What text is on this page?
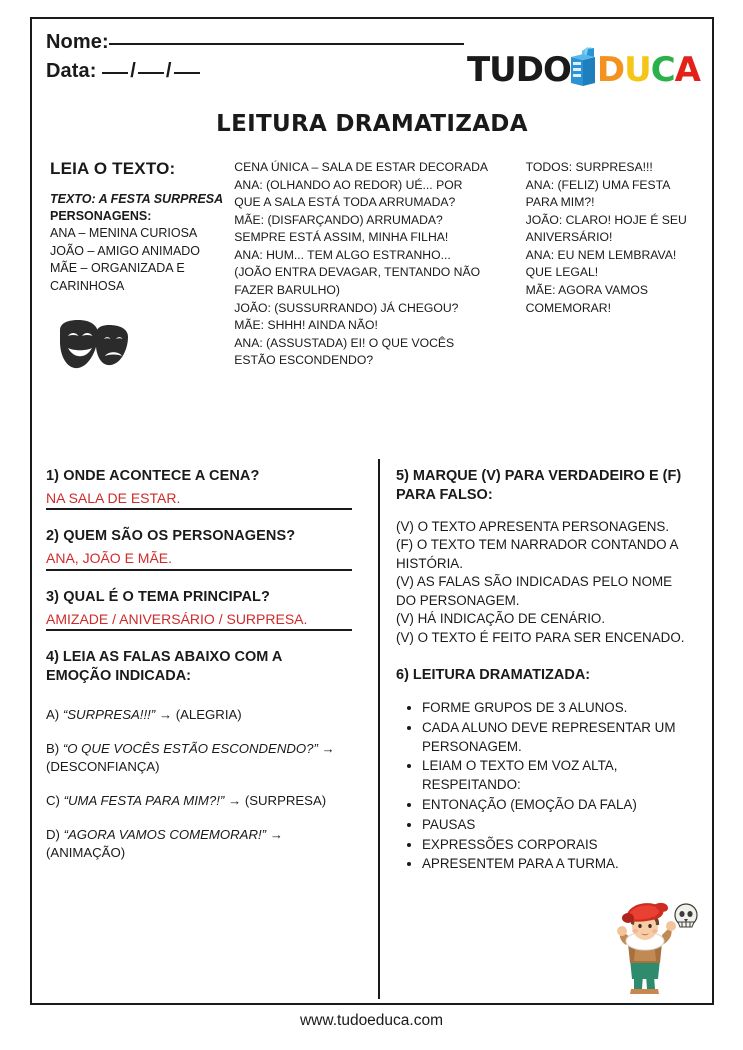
Nome:
Data: / /	TUDO D U C A
LEITURA DRAMATIZADA
LEIA O TEXTO:
TEXTO: A FESTA SURPRESA
PERSONAGENS:
ANA – MENINA CURIOSA
JOÃO – AMIGO ANIMADO
MÃE – ORGANIZADA E
CARINHOSA
CENA ÚNICA – SALA DE ESTAR DECORADA
ANA: (OLHANDO AO REDOR) UÉ... POR
QUE A SALA ESTÁ TODA ARRUMADA?
MÃE: (DISFARÇANDO) ARRUMADA?
SEMPRE ESTÁ ASSIM, MINHA FILHA!
ANA: HUM... TEM ALGO ESTRANHO...
(JOÃO ENTRA DEVAGAR, TENTANDO NÃO
FAZER BARULHO)
JOÃO: (SUSSURRANDO) JÁ CHEGOU?
MÃE: SHHH! AINDA NÃO!
ANA: (ASSUSTADA) EI! O QUE VOCÊS
ESTÃO ESCONDENDO?
TODOS: SURPRESA!!!
ANA: (FELIZ) UMA FESTA
PARA MIM?!
JOÃO: CLARO! HOJE É SEU
ANIVERSÁRIO!
ANA: EU NEM LEMBRAVA!
QUE LEGAL!
MÃE: AGORA VAMOS
COMEMORAR!
1) ONDE ACONTECE A CENA?
NA SALA DE ESTAR.
2) QUEM SÃO OS PERSONAGENS?
ANA, JOÃO E MÃE.
3) QUAL É O TEMA PRINCIPAL?
AMIZADE / ANIVERSÁRIO / SURPRESA.
4) LEIA AS FALAS ABAIXO COM A
EMOÇÃO INDICADA:
A) “SURPRESA!!!” → (ALEGRIA)
B) “O QUE VOCÊS ESTÃO ESCONDENDO?” → (DESCONFIANÇA)
C) “UMA FESTA PARA MIM?!” → (SURPRESA)
D) “AGORA VAMOS COMEMORAR!” → (ANIMAÇÃO)
5) MARQUE (V) PARA VERDADEIRO E (F)
PARA FALSO:
(V) O TEXTO APRESENTA PERSONAGENS.
(F) O TEXTO TEM NARRADOR CONTANDO A
HISTÓRIA.
(V) AS FALAS SÃO INDICADAS PELO NOME
DO PERSONAGEM.
(V) HÁ INDICAÇÃO DE CENÁRIO.
(V) O TEXTO É FEITO PARA SER ENCENADO.
6) LEITURA DRAMATIZADA:
• FORME GRUPOS DE 3 ALUNOS.
• CADA ALUNO DEVE REPRESENTAR UM PERSONAGEM.
• LEIAM O TEXTO EM VOZ ALTA, RESPEITANDO:
• ENTONAÇÃO (EMOÇÃO DA FALA)
• PAUSAS
• EXPRESSÕES CORPORAIS
• APRESENTEM PARA A TURMA.
www.tudoeduca.com
